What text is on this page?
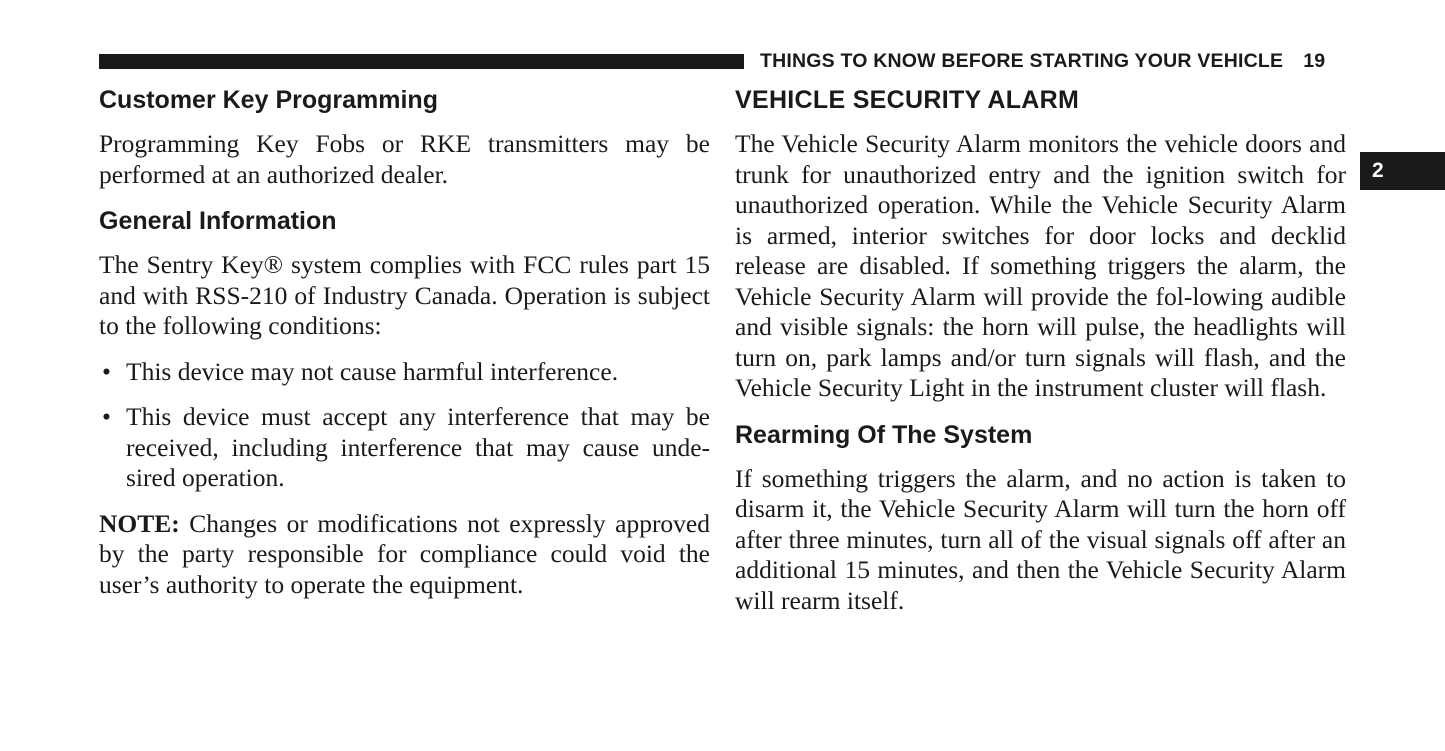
THINGS TO KNOW BEFORE STARTING YOUR VEHICLE 19
2
Customer Key Programming

Programming Key Fobs or RKE transmitters may be performed at an authorized dealer.

General Information

The Sentry Key® system complies with FCC rules part 15 and with RSS-210 of Industry Canada. Operation is subject to the following conditions:

• This device may not cause harmful interference.
• This device must accept any interference that may be received, including interference that may cause unde-sired operation.

NOTE: Changes or modifications not expressly approved by the party responsible for compliance could void the user’s authority to operate the equipment.

VEHICLE SECURITY ALARM

The Vehicle Security Alarm monitors the vehicle doors and trunk for unauthorized entry and the ignition switch for unauthorized operation. While the Vehicle Security Alarm is armed, interior switches for door locks and decklid release are disabled. If something triggers the alarm, the Vehicle Security Alarm will provide the fol-lowing audible and visible signals: the horn will pulse, the headlights will turn on, park lamps and/or turn signals will flash, and the Vehicle Security Light in the instrument cluster will flash.

Rearming Of The System

If something triggers the alarm, and no action is taken to disarm it, the Vehicle Security Alarm will turn the horn off after three minutes, turn all of the visual signals off after an additional 15 minutes, and then the Vehicle Security Alarm will rearm itself.
